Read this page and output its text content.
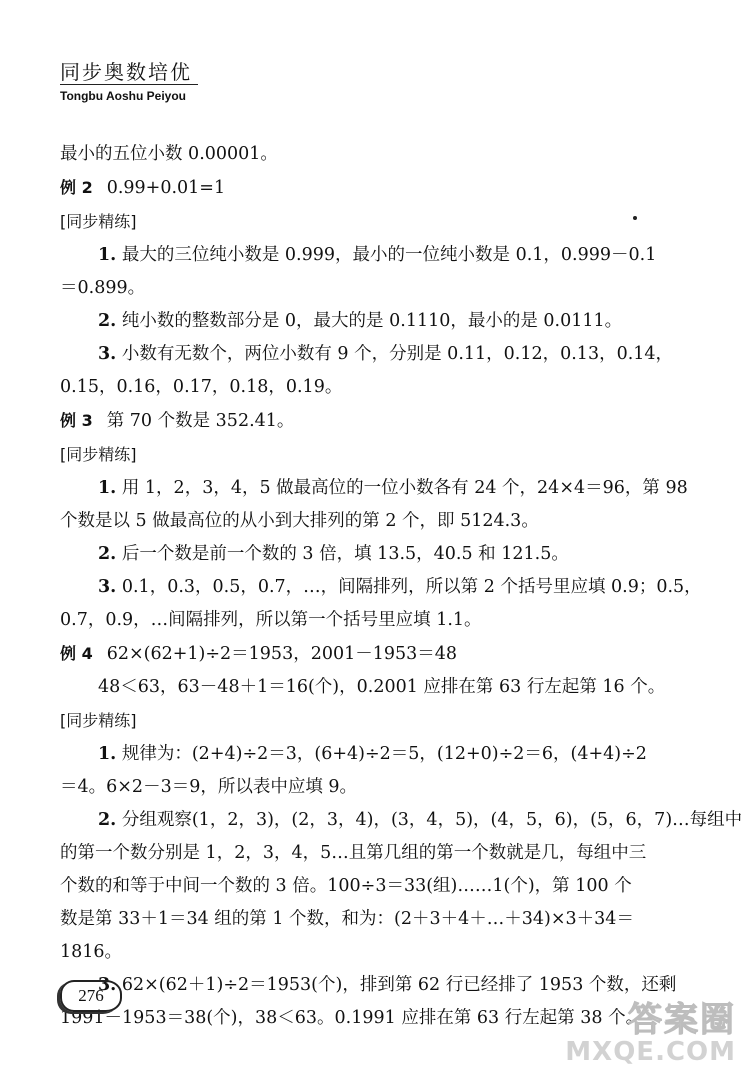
同步奥数培优
Tongbu Aoshu Peiyou
最小的五位小数 0.00001。
例 2 0.99+0.01=1
[同步精练]
1. 最大的三位纯小数是 0.999，最小的一位纯小数是 0.1，0.999－0.1
＝0.899。
2. 纯小数的整数部分是 0，最大的是 0.1110，最小的是 0.0111。
3. 小数有无数个，两位小数有 9 个，分别是 0.11，0.12，0.13，0.14，
0.15，0.16，0.17，0.18，0.19。
例 3 第 70 个数是 352.41。
[同步精练]
1. 用 1，2，3，4，5 做最高位的一位小数各有 24 个，24×4＝96，第 98
个数是以 5 做最高位的从小到大排列的第 2 个，即 5124.3。
2. 后一个数是前一个数的 3 倍，填 13.5，40.5 和 121.5。
3. 0.1，0.3，0.5，0.7，…，间隔排列，所以第 2 个括号里应填 0.9；0.5，
0.7，0.9，…间隔排列，所以第一个括号里应填 1.1。
例 4 62×(62+1)÷2＝1953，2001－1953＝48
48＜63，63－48＋1＝16(个)，0.2001 应排在第 63 行左起第 16 个。
[同步精练]
1. 规律为：(2+4)÷2＝3，(6+4)÷2＝5，(12+0)÷2＝6，(4+4)÷2
＝4。6×2－3＝9，所以表中应填 9。
2. 分组观察(1，2，3)，(2，3，4)，(3，4，5)，(4，5，6)，(5，6，7)…每组中
的第一个数分别是 1，2，3，4，5…且第几组的第一个数就是几，每组中三
个数的和等于中间一个数的 3 倍。100÷3＝33(组)……1(个)，第 100 个
数是第 33＋1＝34 组的第 1 个数，和为：(2＋3＋4＋…＋34)×3＋34＝
1816。
3. 62×(62＋1)÷2＝1953(个)，排到第 62 行已经排了 1953 个数，还剩
1991－1953＝38(个)，38＜63。0.1991 应排在第 63 行左起第 38 个。
276
答案圈
MXQE.COM
